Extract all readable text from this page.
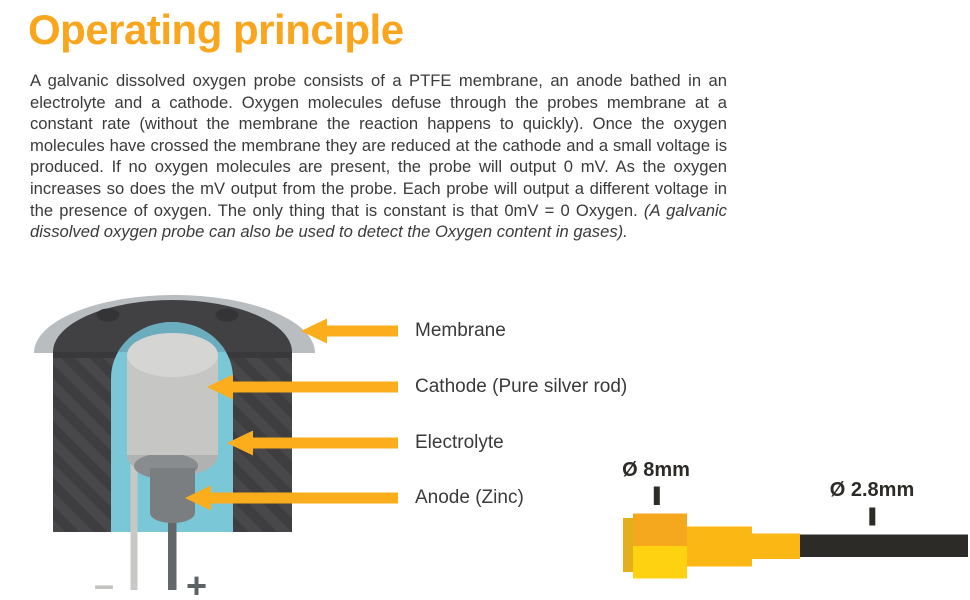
Operating principle

A galvanic dissolved oxygen probe consists of a PTFE membrane, an anode bathed in an electrolyte and a cathode. Oxygen molecules defuse through the probes membrane at a constant rate (without the membrane the reaction happens to quickly). Once the oxygen molecules have crossed the membrane they are reduced at the cathode and a small voltage is produced. If no oxygen molecules are present, the probe will output 0 mV. As the oxygen increases so does the mV output from the probe. Each probe will output a different voltage in the presence of oxygen. The only thing that is constant is that 0mV = 0 Oxygen. (A galvanic dissolved oxygen probe can also be used to detect the Oxygen content in gases).

– +
Membrane
Cathode (Pure silver rod)
Electrolyte
Anode (Zinc)
Ø 8mm
Ø 2.8mm
